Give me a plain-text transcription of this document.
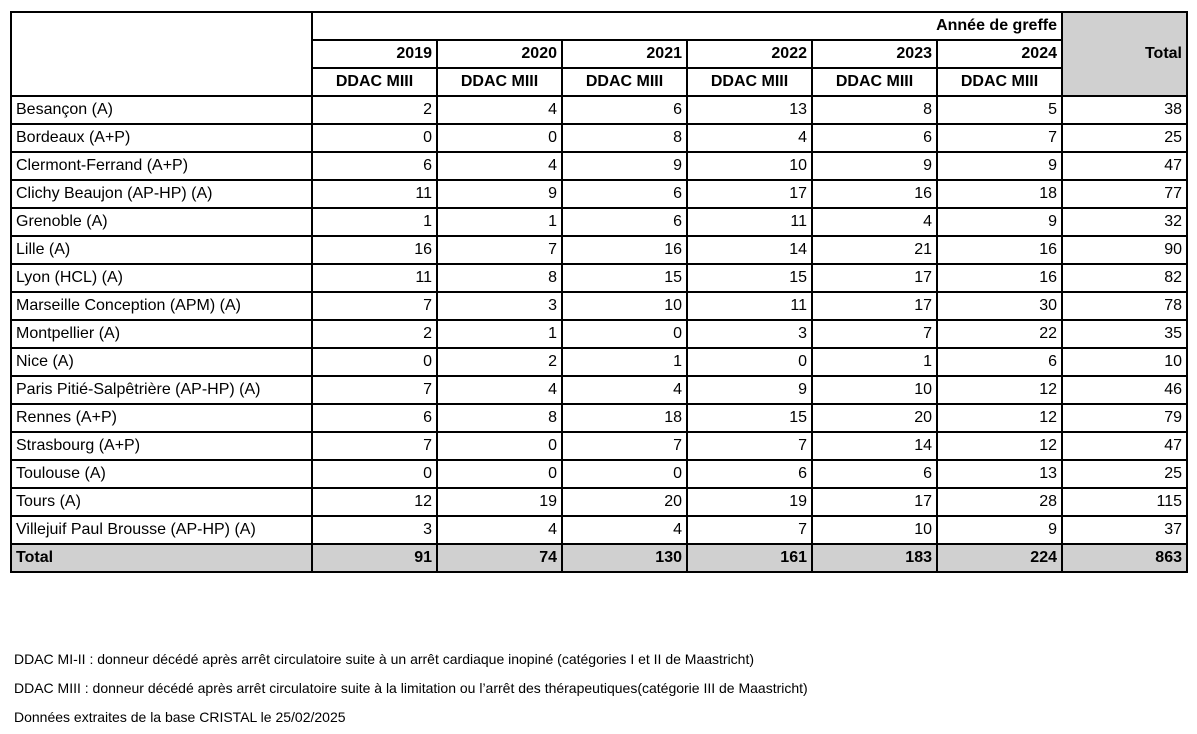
	Année de greffe						Total
	2019	2020	2021	2022	2023	2024	
	DDAC MIII	DDAC MIII	DDAC MIII	DDAC MIII	DDAC MIII	DDAC MIII	
Besançon (A)	2	4	6	13	8	5	38
Bordeaux (A+P)	0	0	8	4	6	7	25
Clermont-Ferrand (A+P)	6	4	9	10	9	9	47
Clichy Beaujon (AP-HP) (A)	11	9	6	17	16	18	77
Grenoble (A)	1	1	6	11	4	9	32
Lille (A)	16	7	16	14	21	16	90
Lyon (HCL) (A)	11	8	15	15	17	16	82
Marseille Conception (APM) (A)	7	3	10	11	17	30	78
Montpellier (A)	2	1	0	3	7	22	35
Nice (A)	0	2	1	0	1	6	10
Paris Pitié-Salpêtrière (AP-HP) (A)	7	4	4	9	10	12	46
Rennes (A+P)	6	8	18	15	20	12	79
Strasbourg (A+P)	7	0	7	7	14	12	47
Toulouse (A)	0	0	0	6	6	13	25
Tours (A)	12	19	20	19	17	28	115
Villejuif Paul Brousse (AP-HP) (A)	3	4	4	7	10	9	37
Total	91	74	130	161	183	224	863
DDAC MI-II : donneur décédé après arrêt circulatoire suite à un arrêt cardiaque inopiné (catégories I et II de Maastricht)
DDAC MIII : donneur décédé après arrêt circulatoire suite à la limitation ou l’arrêt des thérapeutiques(catégorie III de Maastricht)
Données extraites de la base CRISTAL le 25/02/2025
